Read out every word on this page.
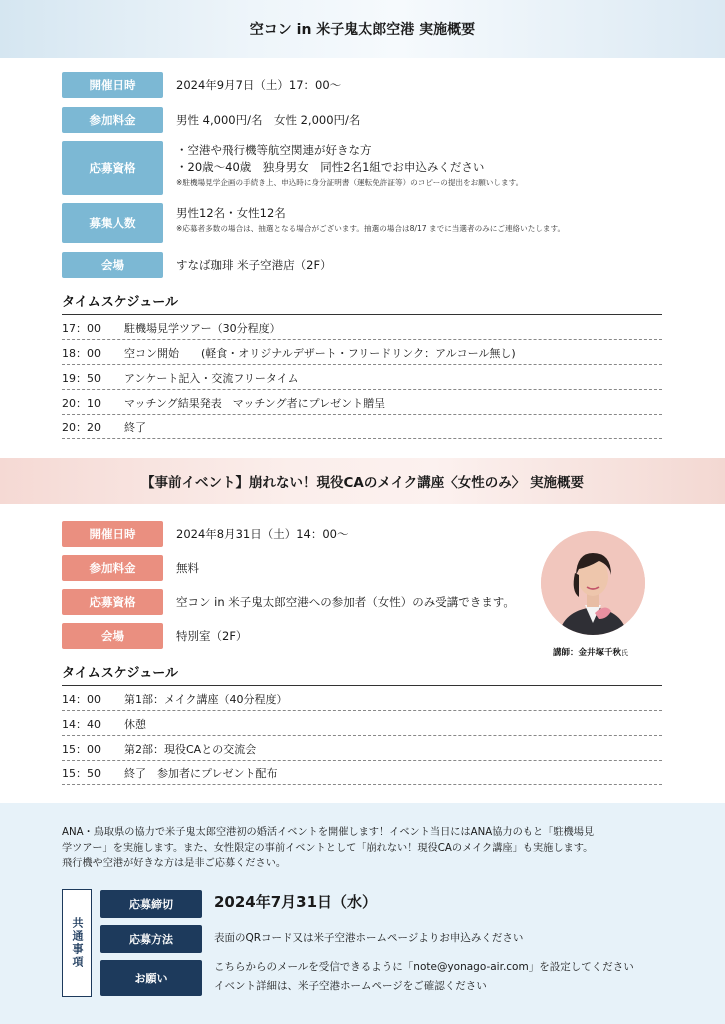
空コン in 米子鬼太郎空港 実施概要
開催日時	2024年9月7日（土）17：00〜
参加料金	男性 4,000円/名　女性 2,000円/名
応募資格
・空港や飛行機等航空関連が好きな方
・20歳〜40歳　独身男女　同性2名1組でお申込みください
※駐機場見学企画の手続き上、申込時に身分証明書（運転免許証等）のコピーの提出をお願いします。
募集人数
男性12名・女性12名
※応募者多数の場合は、抽選となる場合がございます。抽選の場合は8/17 までに当選者のみにご連絡いたします。
会場	すなば珈琲 米子空港店（2F）
タイムスケジュール
17：00	駐機場見学ツアー（30分程度）
18：00	空コン開始　　(軽食・オリジナルデザート・フリードリンク：アルコール無し)
19：50	アンケート記入・交流フリータイム
20：10	マッチング結果発表　マッチング者にプレゼント贈呈
20：20	終了
【事前イベント】崩れない！現役CAのメイク講座〈女性のみ〉 実施概要
開催日時	2024年8月31日（土）14：00〜
参加料金	無料
応募資格	空コン in 米子鬼太郎空港への参加者（女性）のみ受講できます。
会場	特別室（2F）
講師：金井塚千秋氏
タイムスケジュール
14：00	第1部：メイク講座（40分程度）
14：40	休憩
15：00	第2部：現役CAとの交流会
15：50	終了　参加者にプレゼント配布
ANA・鳥取県の協力で米子鬼太郎空港初の婚活イベントを開催します！イベント当日にはANA協力のもと「駐機場見
学ツアー」を実施します。また、女性限定の事前イベントとして「崩れない！現役CAのメイク講座」も実施します。
飛行機や空港が好きな方は是非ご応募ください。
共通事項
応募締切	2024年7月31日（水）
応募方法	表面のQRコード又は米子空港ホームページよりお申込みください
お願い
こちらからのメールを受信できるように「note@yonago-air.com」を設定してください
イベント詳細は、米子空港ホームページをご確認ください
